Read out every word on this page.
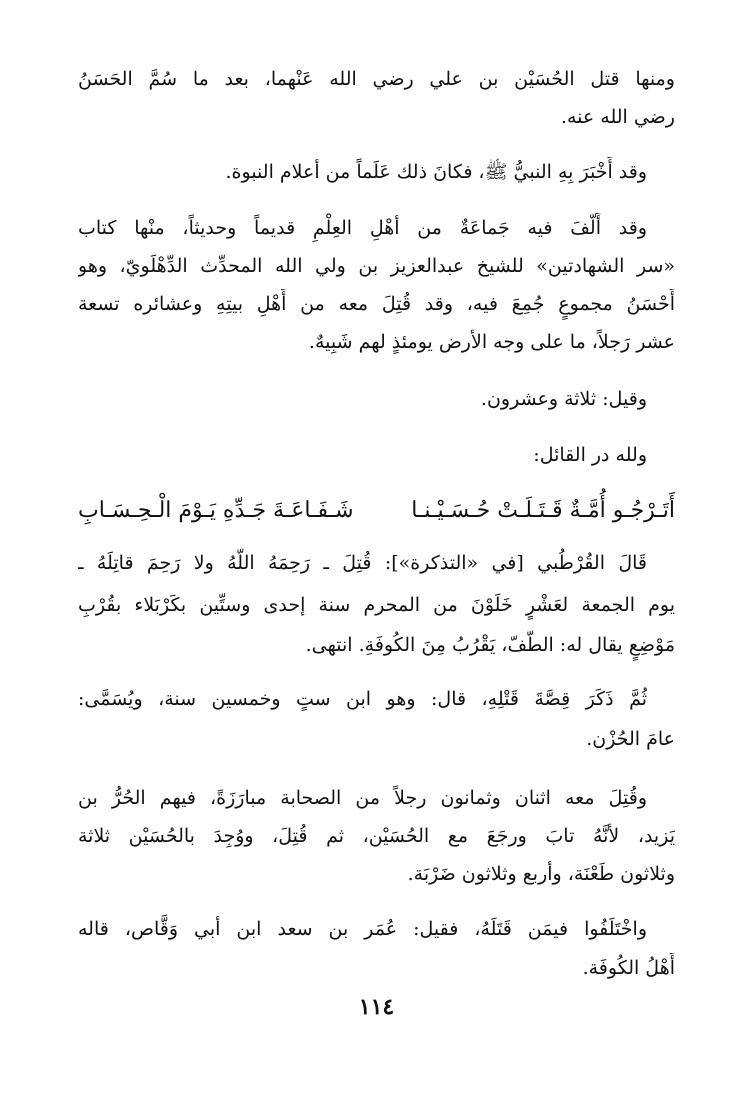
ومنها قتل الحُسَيْن بن علي رضي الله عَنْهما، بعد ما سُمَّ الحَسَنُ
رضي الله عنه.
وقد أَخْبَرَ بِهِ النبيُّ ﷺ، فكانَ ذلك عَلَماً من أعلام النبوة.
وقد أَلَّفَ فيه جَماعَةٌ من أهْلِ العِلْمِ قديماً وحديثاً، منْها كتاب
«سر الشهادتين» للشيخ عبدالعزيز بن ولي الله المحدِّث الدِّهْلَويّ، وهو
أَحْسَنُ مجموعٍ جُمِعَ فيه، وقد قُتِلَ معه من أَهْلِ بيتِهِ وعشائره تسعة
عشر رَجلاً، ما على وجه الأرض يومئذٍ لهم شَبِيهٌ.
وقيل: ثلاثة وعشرون.
ولله در القائل:
أَتَـرْجُـو أُمَّـةٌ قَـتَـلَـتْ حُـسَـيْـنـا
شَـفَـاعَـةَ جَـدِّهِ يَـوْمَ الْـحِـسَـابِ
قَالَ القُرْطُبي [في «التذكرة»]: قُتِلَ ـ رَحِمَهُ اللَّهُ ولا رَحِمَ قاتِلَهُ ـ
يوم الجمعة لعَشْرٍ خَلَوْنَ من المحرم سنة إحدى وستِّين بكَرْبَلاء بقُرْبِ
مَوْضِعٍ يقال له: الطَّفّ، يَقْرُبُ مِنَ الكُوفَةِ. انتهى.
ثُمَّ ذَكَرَ قِصَّةَ قَتْلِهِ، قال: وهو ابن ستٍ وخمسين سنة، ويُسَمَّى:
عامَ الحُزْن.
وقُتِلَ معه اثنان وثمانون رجلاً من الصحابة مبارَزَةً، فيهم الحُرُّ بن
يَزيد، لأنَّهُ تابَ ورجَعَ مع الحُسَيْن، ثم قُتِلَ، ووُجِدَ بالحُسَيْن ثلاثة
وثلاثون طَعْنَة، وأربع وثلاثون ضَرْبَة.
واخْتَلَفُوا فيمَن قَتَلَهُ، فقيل: عُمَر بن سعد ابن أبي وَقَّاص، قاله
أَهْلُ الكُوفَة.
١١٤
